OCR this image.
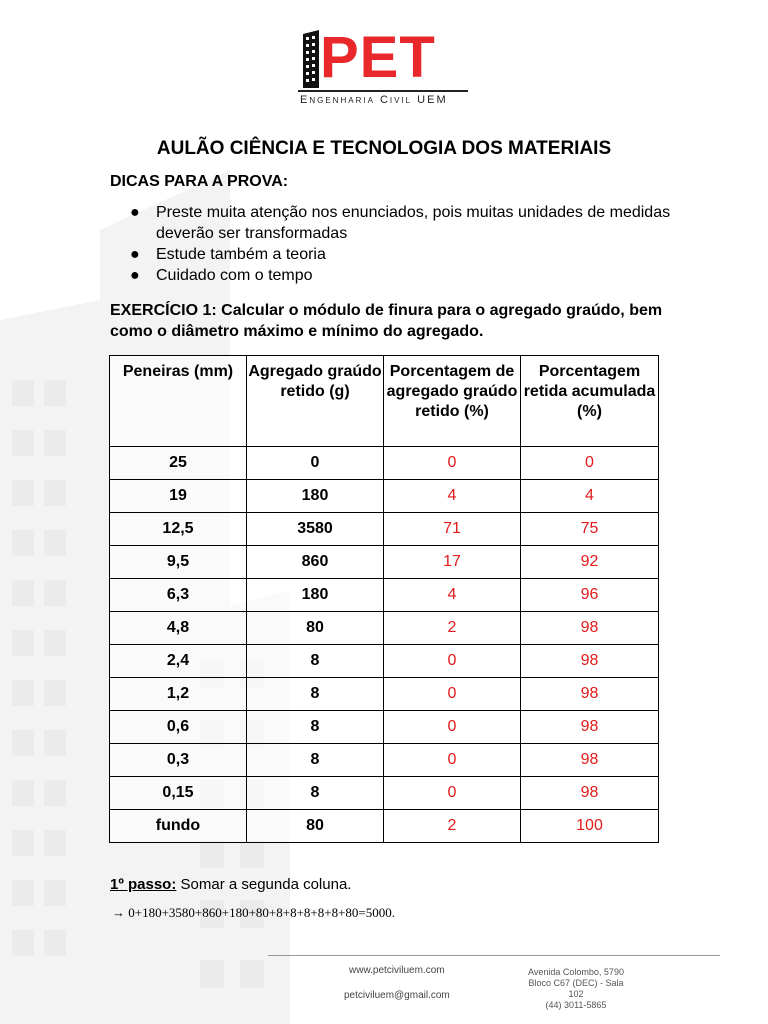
PET
Engenharia Civil UEM
AULÃO CIÊNCIA E TECNOLOGIA DOS MATERIAIS
DICAS PARA A PROVA:

● Preste muita atenção nos enunciados, pois muitas unidades de medidas deverão ser transformadas

● Estude também a teoria

● Cuidado com o tempo

EXERCÍCIO 1: Calcular o módulo de finura para o agregado graúdo, bem como o diâmetro máximo e mínimo do agregado.
Peneiras (mm)	Agregado graúdo retido (g)	Porcentagem de agregado graúdo retido (%)	Porcentagem retida acumulada (%)
25	0	0	0
19	180	4	4
12,5	3580	71	75
9,5	860	17	92
6,3	180	4	96
4,8	80	2	98
2,4	8	0	98
1,2	8	0	98
0,6	8	0	98
0,3	8	0	98
0,15	8	0	98
fundo	80	2	100
1º passo: Somar a segunda coluna.
→ 0+180+3580+860+180+80+8+8+8+8+8+80=5000.
www.petciviluem.com
petciviluem@gmail.com
Avenida Colombo, 5790
Bloco C67 (DEC) - Sala 102
(44) 3011-5865
